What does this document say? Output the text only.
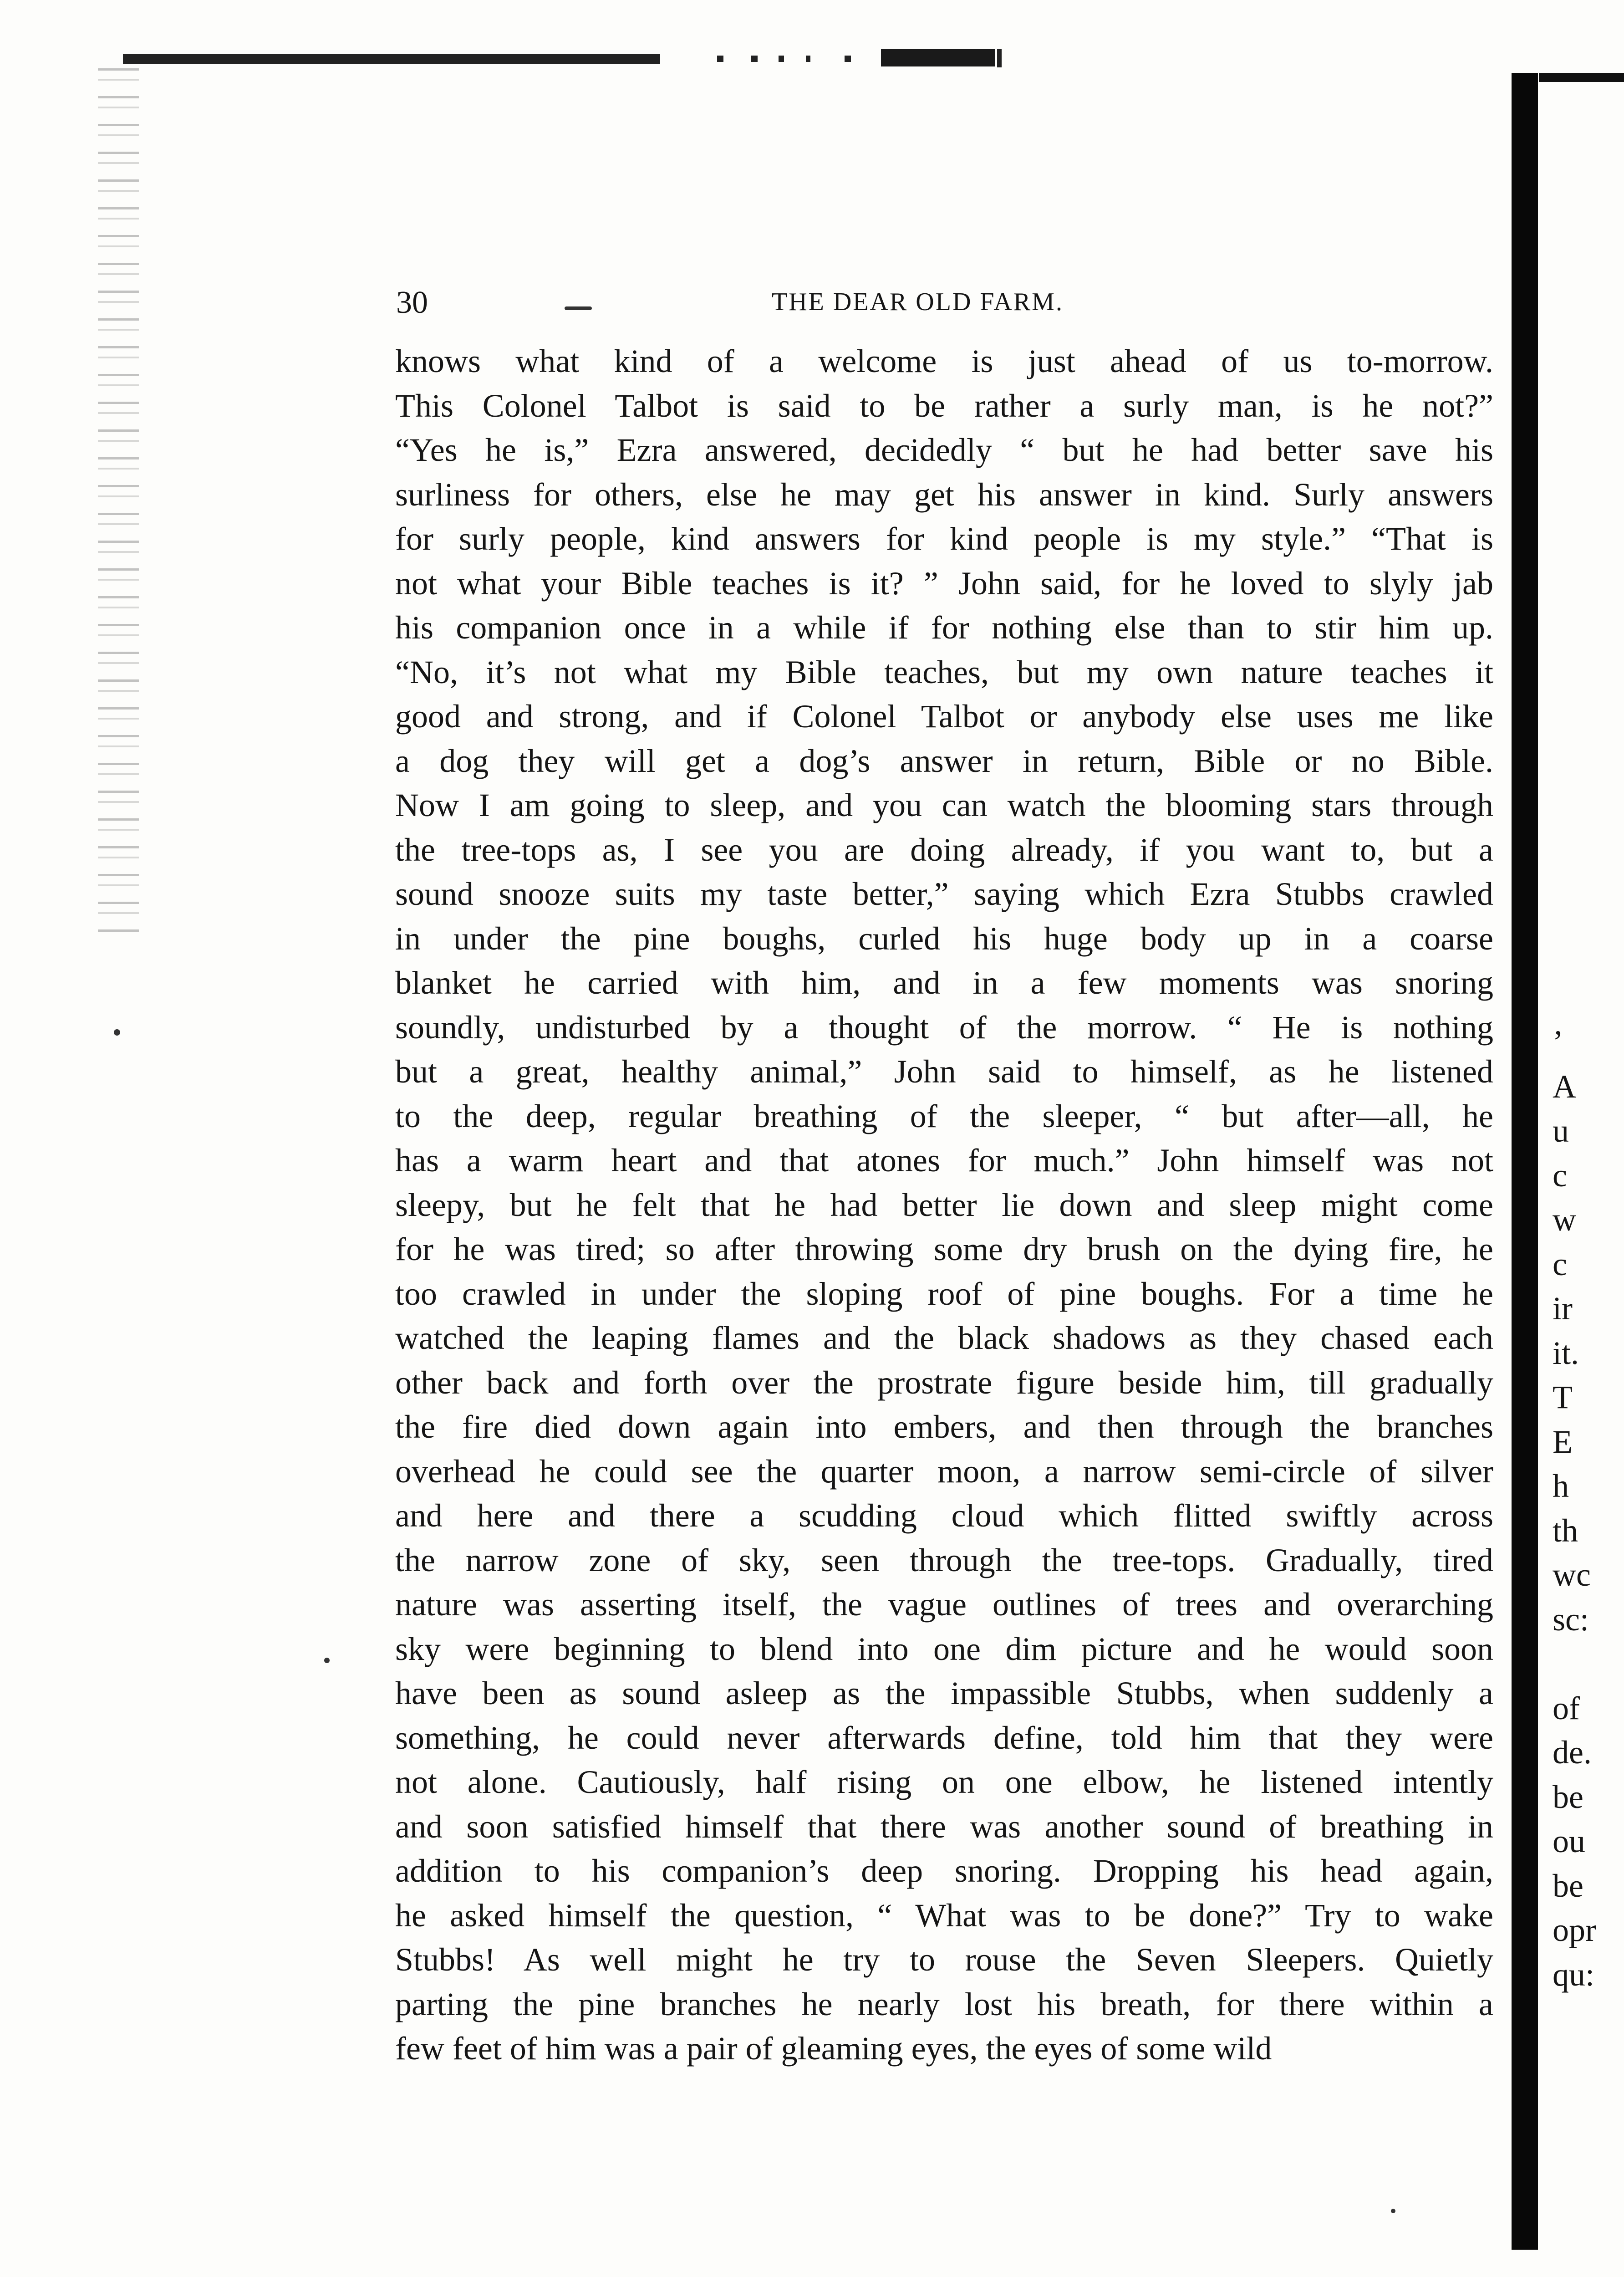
30	THE DEAR OLD FARM.
knows what kind of a welcome is just ahead of us to-morrow.
This Colonel Talbot is said to be rather a surly man, is he not?”
“Yes he is,” Ezra answered, decidedly “ but he had better save his
surliness for others, else he may get his answer in kind. Surly answers
for surly people, kind answers for kind people is my style.” “That is
not what your Bible teaches is it? ” John said, for he loved to slyly jab
his companion once in a while if for nothing else than to stir him up.
“No, it’s not what my Bible teaches, but my own nature teaches it
good and strong, and if Colonel Talbot or anybody else uses me like
a dog they will get a dog’s answer in return, Bible or no Bible.
Now I am going to sleep, and you can watch the blooming stars through
the tree-tops as, I see you are doing already, if you want to, but a
sound snooze suits my taste better,” saying which Ezra Stubbs crawled
in under the pine boughs, curled his huge body up in a coarse
blanket he carried with him, and in a few moments was snoring
soundly, undisturbed by a thought of the morrow. “ He is nothing
but a great, healthy animal,” John said to himself, as he listened
to the deep, regular breathing of the sleeper, “ but after—all, he
has a warm heart and that atones for much.” John himself was not
sleepy, but he felt that he had better lie down and sleep might come
for he was tired; so after throwing some dry brush on the dying fire, he
too crawled in under the sloping roof of pine boughs. For a time he
watched the leaping flames and the black shadows as they chased each
other back and forth over the prostrate figure beside him, till gradually
the fire died down again into embers, and then through the branches
overhead he could see the quarter moon, a narrow semi-circle of silver
and here and there a scudding cloud which flitted swiftly across
the narrow zone of sky, seen through the tree-tops. Gradually, tired
nature was asserting itself, the vague outlines of trees and overarching
sky were beginning to blend into one dim picture and he would soon
have been as sound asleep as the impassible Stubbs, when suddenly a
something, he could never afterwards define, told him that they were
not alone. Cautiously, half rising on one elbow, he listened intently
and soon satisfied himself that there was another sound of breathing in
addition to his companion’s deep snoring. Dropping his head again,
he asked himself the question, “ What was to be done?” Try to wake
Stubbs! As well might he try to rouse the Seven Sleepers. Quietly
parting the pine branches he nearly lost his breath, for there within a
few feet of him was a pair of gleaming eyes, the eyes of some wild
’
A
u
c
w
c
ir
it.
T
E
h
th
wc
sc:
of
de.
be
ou
be
opr
qu:
